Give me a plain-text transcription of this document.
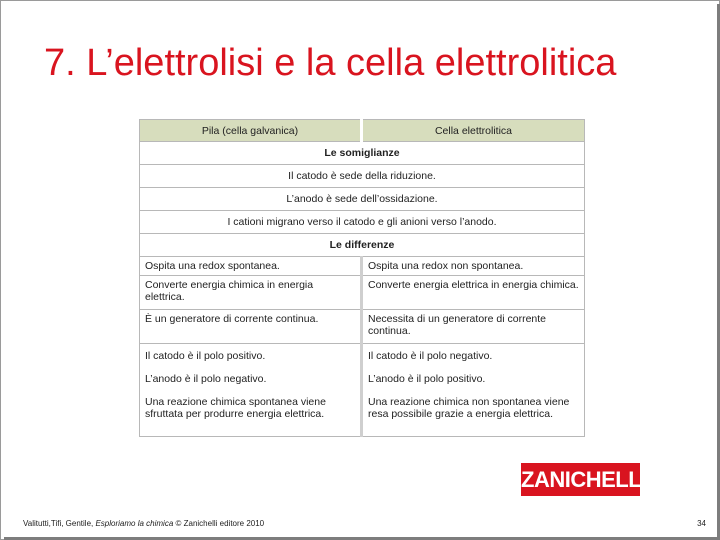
7. L’elettrolisi e la cella elettrolitica
Pila (cella galvanica)	Cella elettrolitica
Le somiglianze	
Il catodo è sede della riduzione.	
L’anodo è sede dell’ossidazione.	
I cationi migrano verso il catodo e gli anioni verso l’anodo.	
Le differenze	
Ospita una redox spontanea.	Ospita una redox non spontanea.
Converte energia chimica in energia elettrica.	Converte energia elettrica in energia chimica.
È un generatore di corrente continua.	Necessita di un generatore di corrente continua.
Il catodo è il polo positivo.	Il catodo è il polo negativo.
L’anodo è il polo negativo.	L’anodo è il polo positivo.
Una reazione chimica spontanea viene sfruttata per produrre energia elettrica.	Una reazione chimica non spontanea viene resa possibile grazie a energia elettrica.
ZANICHELLI
Valitutti,Tifi, Gentile, Esploriamo la chimica © Zanichelli editore 2010	34
